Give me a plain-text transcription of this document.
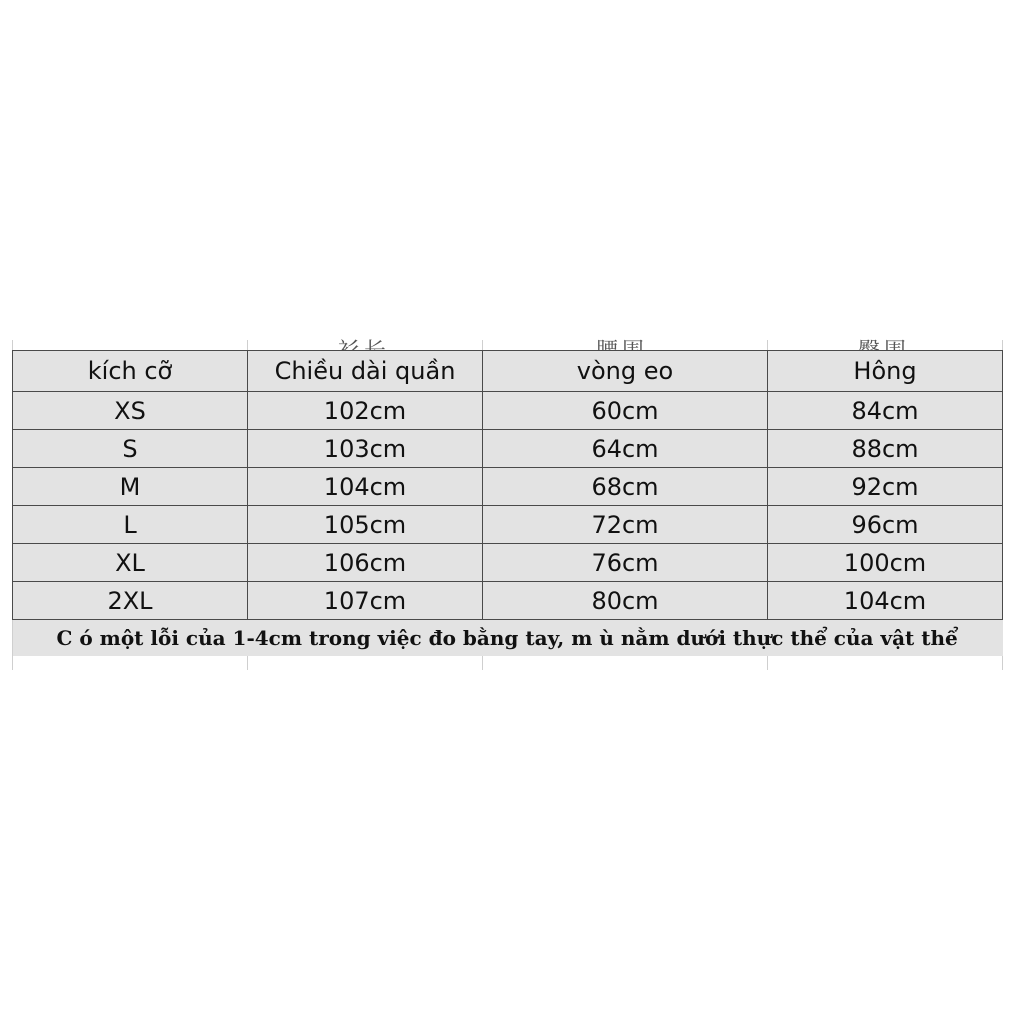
kích cỡ	Chiều dài quần	vòng eo	Hông
XS	102cm	60cm	84cm
S	103cm	64cm	88cm
M	104cm	68cm	92cm
L	105cm	72cm	96cm
XL	106cm	76cm	100cm
2XL	107cm	80cm	104cm
C ó một lỗi của 1-4cm trong việc đo bằng tay, m ù nằm dưới thực thể của vật thể			
